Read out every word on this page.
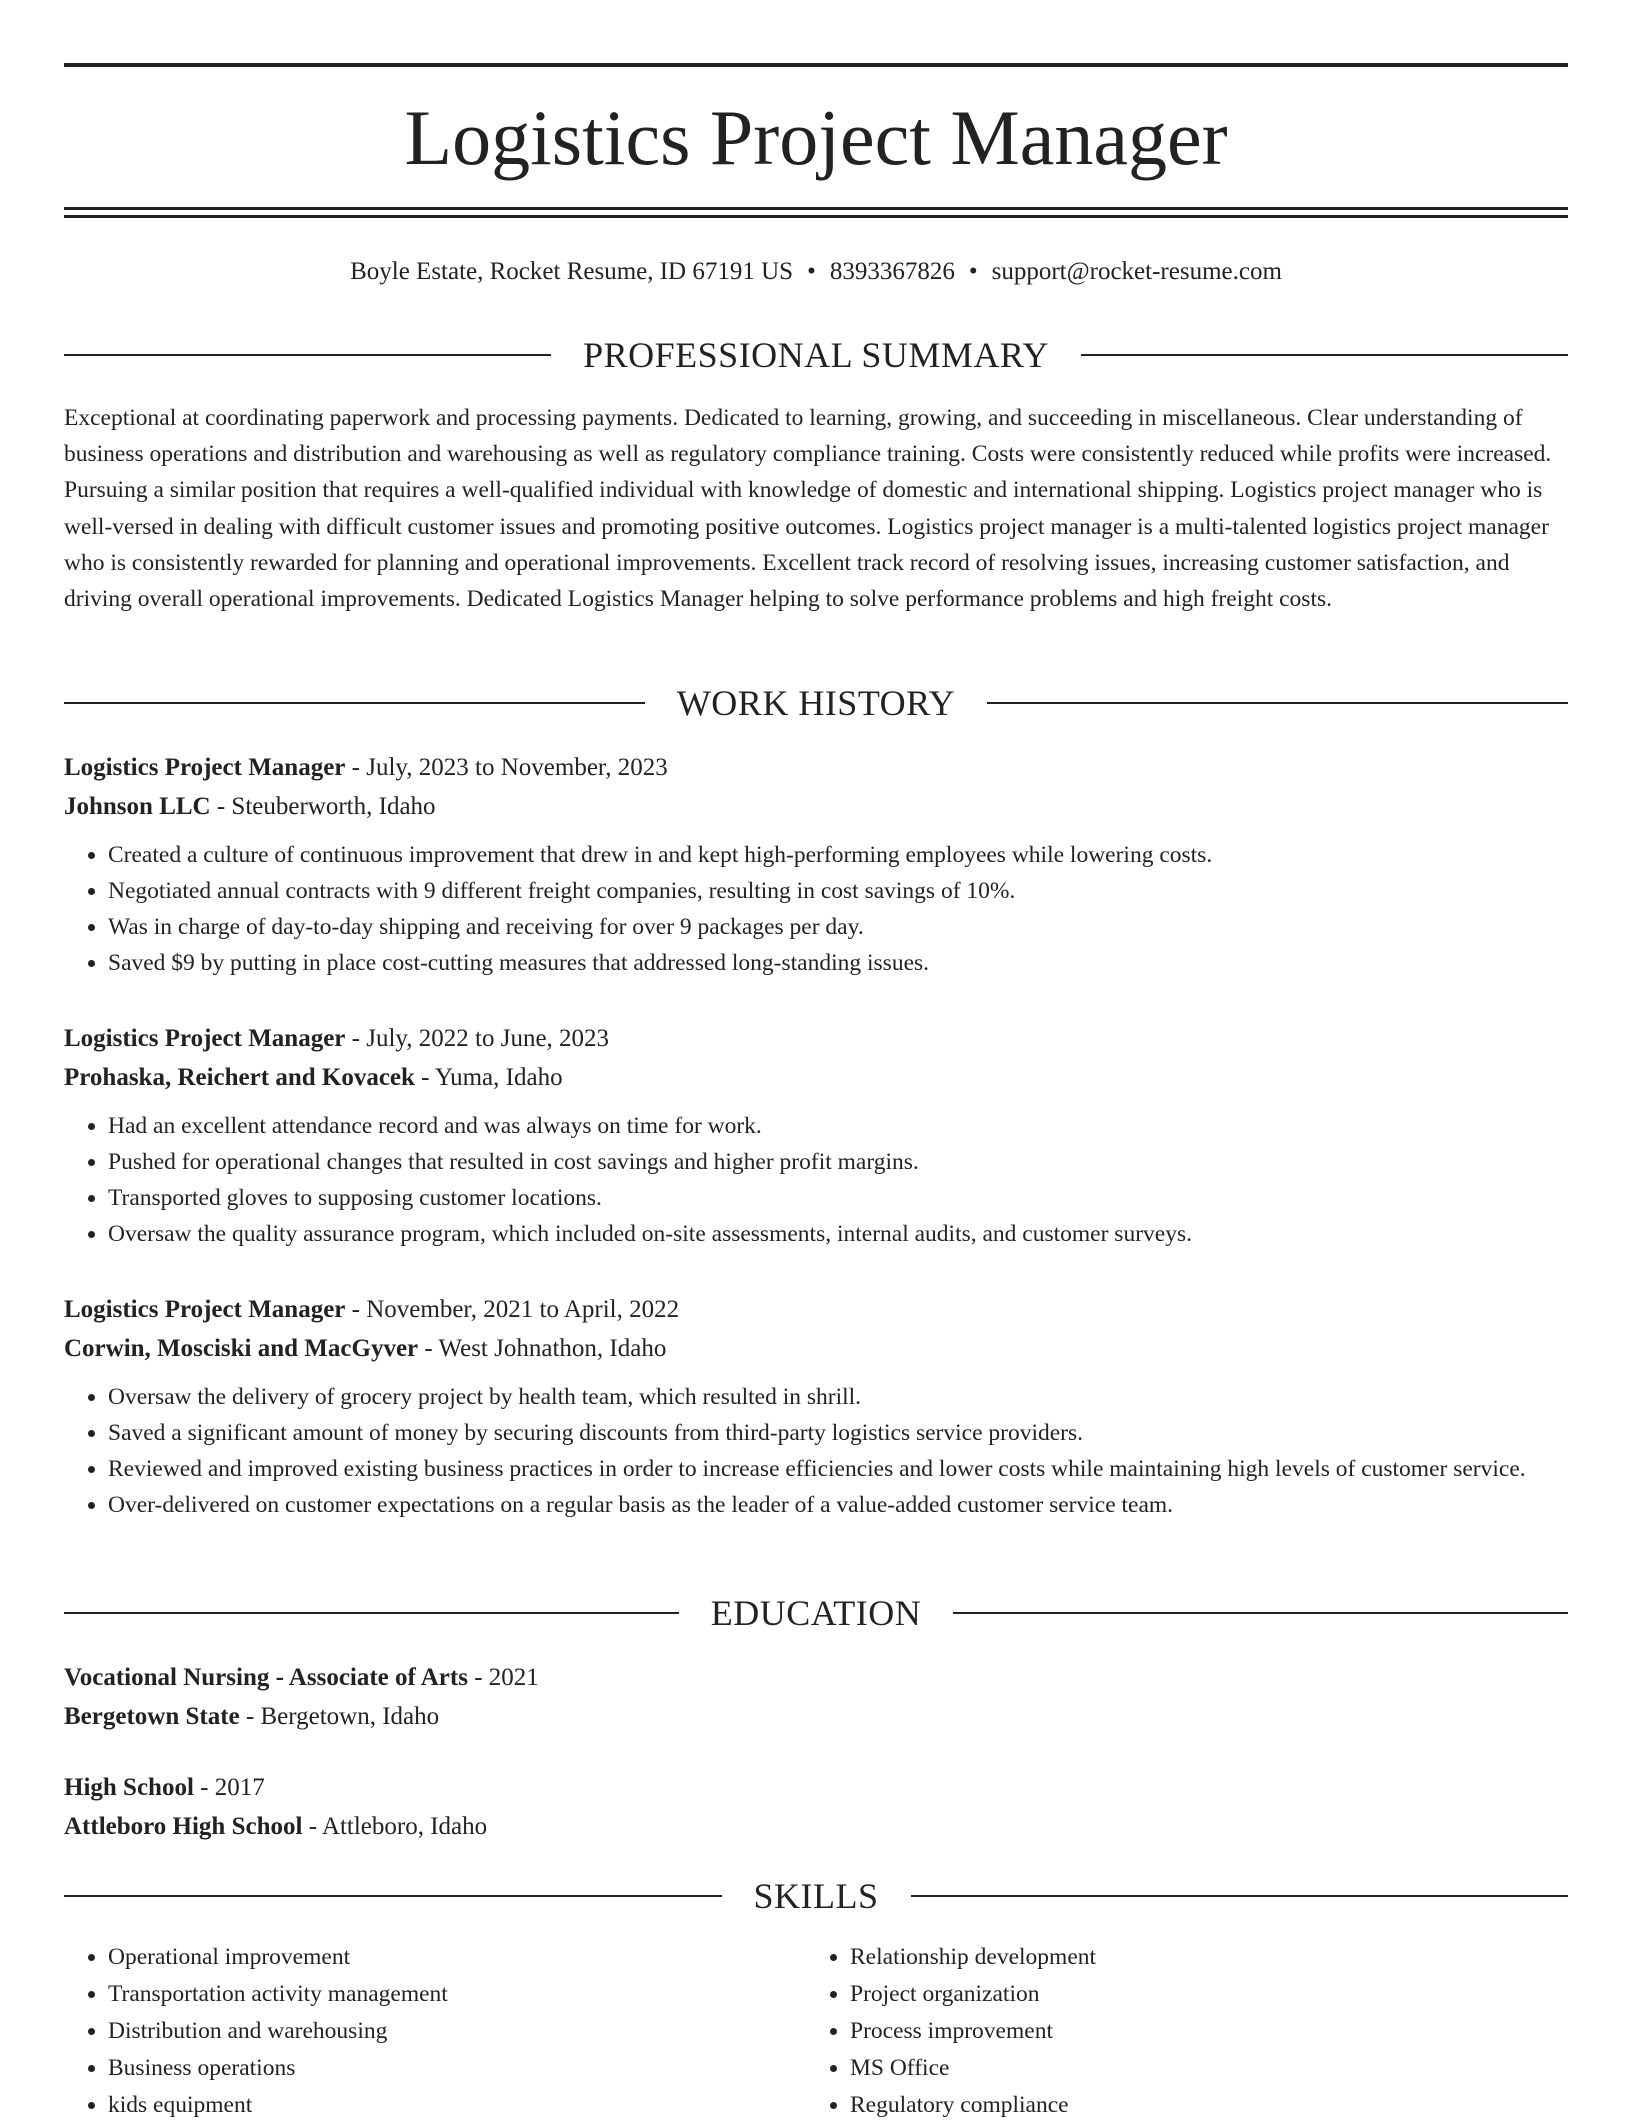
Logistics Project Manager
Boyle Estate, Rocket Resume, ID 67191 US • 8393367826 • support@rocket-resume.com
PROFESSIONAL SUMMARY

Exceptional at coordinating paperwork and processing payments. Dedicated to learning, growing, and succeeding in miscellaneous. Clear understanding of business operations and distribution and warehousing as well as regulatory compliance training. Costs were consistently reduced while profits were increased. Pursuing a similar position that requires a well-qualified individual with knowledge of domestic and international shipping. Logistics project manager who is well-versed in dealing with difficult customer issues and promoting positive outcomes. Logistics project manager is a multi-talented logistics project manager who is consistently rewarded for planning and operational improvements. Excellent track record of resolving issues, increasing customer satisfaction, and driving overall operational improvements. Dedicated Logistics Manager helping to solve performance problems and high freight costs.

WORK HISTORY

Logistics Project Manager - July, 2023 to November, 2023

Johnson LLC - Steuberworth, Idaho

• Created a culture of continuous improvement that drew in and kept high-performing employees while lowering costs.
• Negotiated annual contracts with 9 different freight companies, resulting in cost savings of 10%.
• Was in charge of day-to-day shipping and receiving for over 9 packages per day.
• Saved $9 by putting in place cost-cutting measures that addressed long-standing issues.

Logistics Project Manager - July, 2022 to June, 2023

Prohaska, Reichert and Kovacek - Yuma, Idaho

• Had an excellent attendance record and was always on time for work.
• Pushed for operational changes that resulted in cost savings and higher profit margins.
• Transported gloves to supposing customer locations.
• Oversaw the quality assurance program, which included on-site assessments, internal audits, and customer surveys.

Logistics Project Manager - November, 2021 to April, 2022

Corwin, Mosciski and MacGyver - West Johnathon, Idaho

• Oversaw the delivery of grocery project by health team, which resulted in shrill.
• Saved a significant amount of money by securing discounts from third-party logistics service providers.
• Reviewed and improved existing business practices in order to increase efficiencies and lower costs while maintaining high levels of customer service.
• Over-delivered on customer expectations on a regular basis as the leader of a value-added customer service team.
EDUCATION

Vocational Nursing - Associate of Arts - 2021

Bergetown State - Bergetown, Idaho

High School - 2017

Attleboro High School - Attleboro, Idaho

SKILLS
• Operational improvement
• Transportation activity management
• Distribution and warehousing
• Business operations
• kids equipment
• Relationship development
• Project organization
• Process improvement
• MS Office
• Regulatory compliance
